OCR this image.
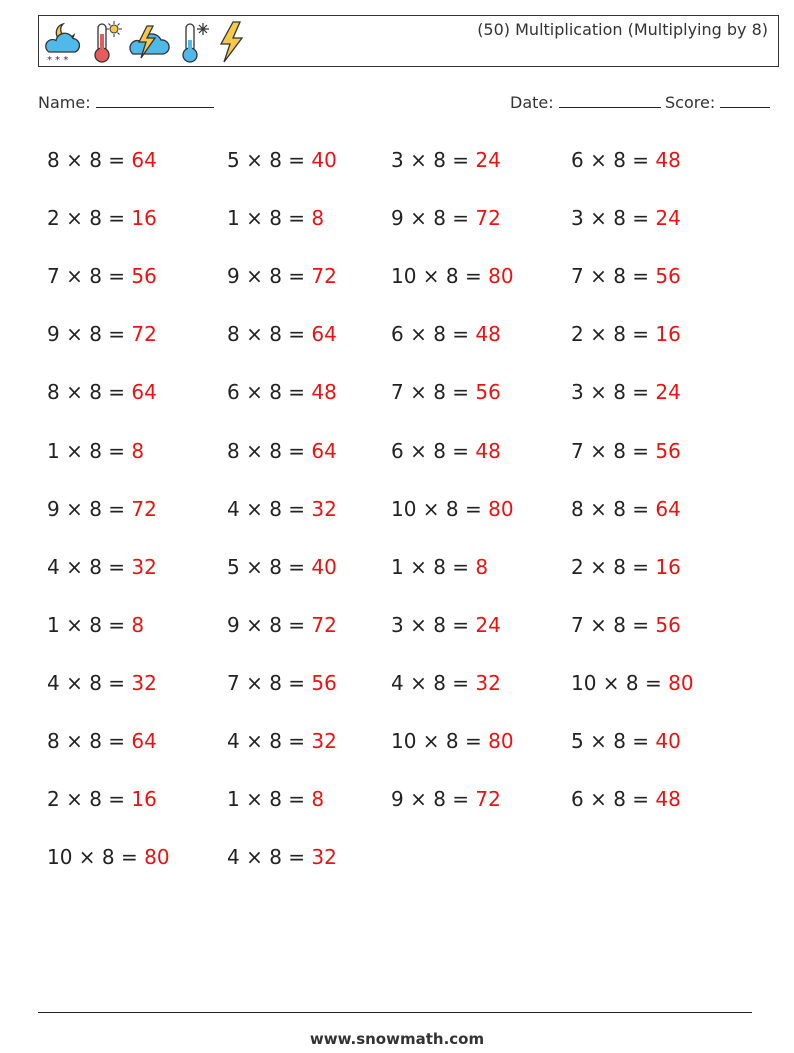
* * *
(50) Multiplication (Multiplying by 8)
Name:	Date:	Score:
8 × 8 = 64
2 × 8 = 16
7 × 8 = 56
9 × 8 = 72
8 × 8 = 64
1 × 8 = 8
9 × 8 = 72
4 × 8 = 32
1 × 8 = 8
4 × 8 = 32
8 × 8 = 64
2 × 8 = 16
10 × 8 = 80
5 × 8 = 40
1 × 8 = 8
9 × 8 = 72
8 × 8 = 64
6 × 8 = 48
8 × 8 = 64
4 × 8 = 32
5 × 8 = 40
9 × 8 = 72
7 × 8 = 56
4 × 8 = 32
1 × 8 = 8
4 × 8 = 32
3 × 8 = 24
9 × 8 = 72
10 × 8 = 80
6 × 8 = 48
7 × 8 = 56
6 × 8 = 48
10 × 8 = 80
1 × 8 = 8
3 × 8 = 24
4 × 8 = 32
10 × 8 = 80
9 × 8 = 72
6 × 8 = 48
3 × 8 = 24
7 × 8 = 56
2 × 8 = 16
3 × 8 = 24
7 × 8 = 56
8 × 8 = 64
2 × 8 = 16
7 × 8 = 56
10 × 8 = 80
5 × 8 = 40
6 × 8 = 48
www.snowmath.com
